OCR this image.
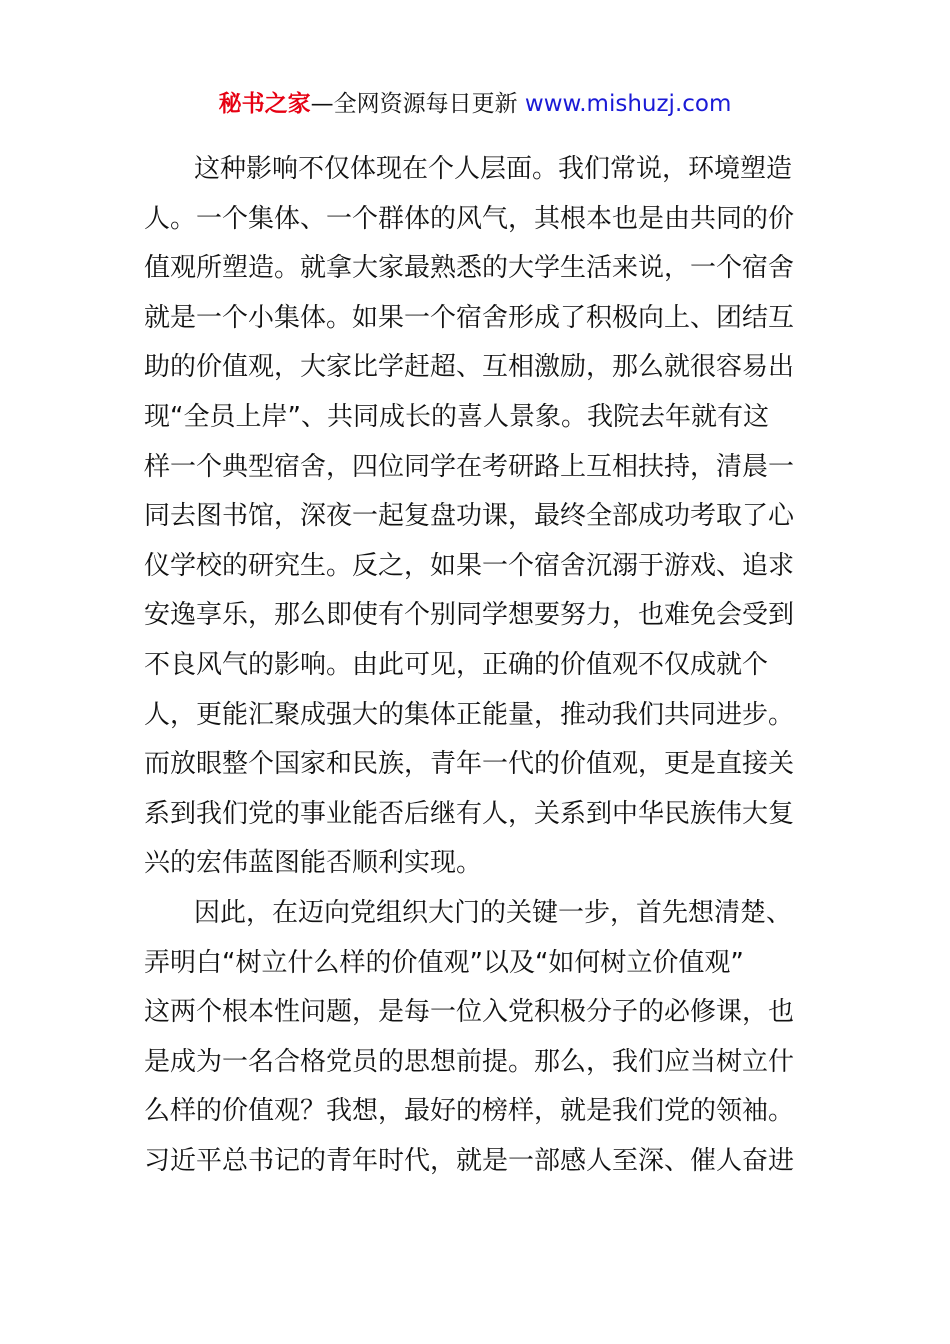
秘书之家—全网资源每日更新 www.mishuzj.com
这种影响不仅体现在个人层面。我们常说，环境塑造
人。一个集体、一个群体的风气，其根本也是由共同的价
值观所塑造。就拿大家最熟悉的大学生活来说，一个宿舍
就是一个小集体。如果一个宿舍形成了积极向上、团结互
助的价值观，大家比学赶超、互相激励，那么就很容易出
现“全员上岸”、共同成长的喜人景象。我院去年就有这
样一个典型宿舍，四位同学在考研路上互相扶持，清晨一
同去图书馆，深夜一起复盘功课，最终全部成功考取了心
仪学校的研究生。反之，如果一个宿舍沉溺于游戏、追求
安逸享乐，那么即使有个别同学想要努力，也难免会受到
不良风气的影响。由此可见，正确的价值观不仅成就个
人，更能汇聚成强大的集体正能量，推动我们共同进步。
而放眼整个国家和民族，青年一代的价值观，更是直接关
系到我们党的事业能否后继有人，关系到中华民族伟大复
兴的宏伟蓝图能否顺利实现。
因此，在迈向党组织大门的关键一步，首先想清楚、
弄明白“树立什么样的价值观”以及“如何树立价值观”
这两个根本性问题，是每一位入党积极分子的必修课，也
是成为一名合格党员的思想前提。那么，我们应当树立什
么样的价值观？我想，最好的榜样，就是我们党的领袖。
习近平总书记的青年时代，就是一部感人至深、催人奋进
